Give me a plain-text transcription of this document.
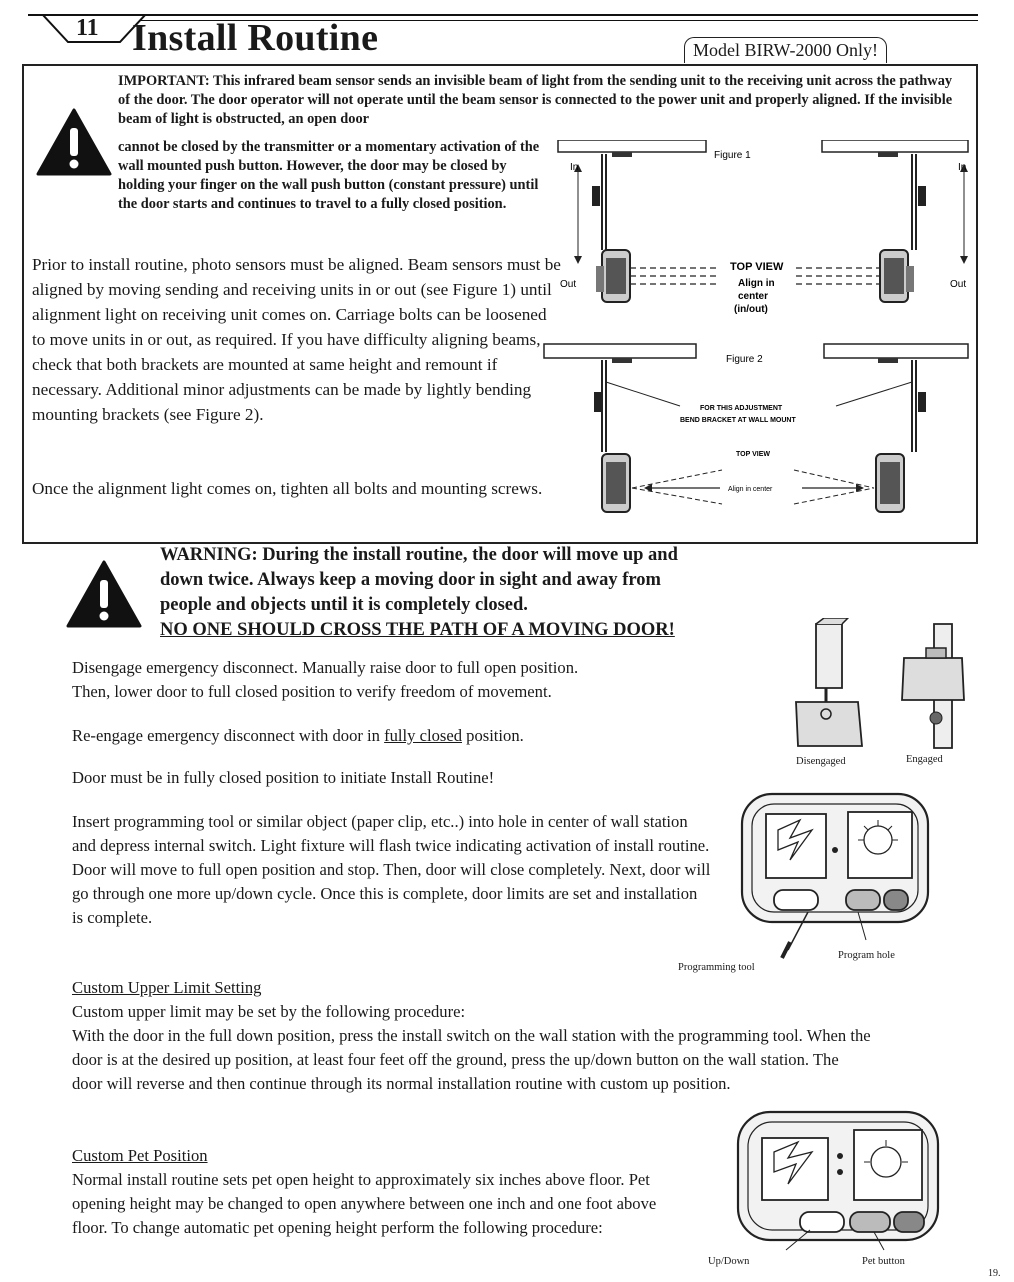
11 Install Routine	Model BIRW-2000 Only!
IMPORTANT: This infrared beam sensor sends an invisible beam of light from the sending unit to the receiving unit across the pathway of the door. The door operator will not operate until the beam sensor is connected to the power unit and properly aligned. If the invisible beam of light is obstructed, an open door
cannot be closed by the transmitter or a momentary activation of the wall mounted push button. However, the door may be closed by holding your finger on the wall push button (constant pressure) until the door starts and continues to travel to a fully closed position.
Prior to install routine, photo sensors must be aligned. Beam sensors must be aligned by moving sending and receiving units in or out (see Figure 1) until alignment light on receiving unit comes on. Carriage bolts can be loosened to move units in or out, as required. If you have difficulty aligning beams, check that both brackets are mounted at same height and remount if necessary. Additional minor adjustments can be made by lightly bending mounting brackets (see Figure 2).
Once the alignment light comes on, tighten all bolts and mounting screws.
Figure 1
In	In
Out	Out
TOP VIEW
Align in
center
(in/out)
Figure 2
FOR THIS ADJUSTMENT
BEND BRACKET AT WALL MOUNT
TOP VIEW
Align in center
WARNING: During the install routine, the door will move up and
down twice. Always keep a moving door in sight and away from
people and objects until it is completely closed.
NO ONE SHOULD CROSS THE PATH OF A MOVING DOOR!
Disengage emergency disconnect. Manually raise door to full open position.
Then, lower door to full closed position to verify freedom of movement.
Re-engage emergency disconnect with door in fully closed position.
Door must be in fully closed position to initiate Install Routine!
Insert programming tool or similar object (paper clip, etc..) into hole in center of wall station and depress internal switch. Light fixture will flash twice indicating activation of install routine. Door will move to full open position and stop. Then, door will close completely. Next, door will go through one more up/down cycle. Once this is complete, door limits are set and installation is complete.
Disengaged	Engaged
Programming tool
Program hole
Custom Upper Limit Setting
Custom upper limit may be set by the following procedure:
With the door in the full down position, press the install switch on the wall station with the programming tool. When the door is at the desired up position, at least four feet off the ground, press the up/down button on the wall station. The door will reverse and then continue through its normal installation routine with custom up position.
Custom Pet Position
Normal install routine sets pet open height to approximately six inches above floor. Pet opening height may be changed to open anywhere between one inch and one foot above floor. To change automatic pet opening height perform the following procedure:
Up/Down	Pet button
19.
